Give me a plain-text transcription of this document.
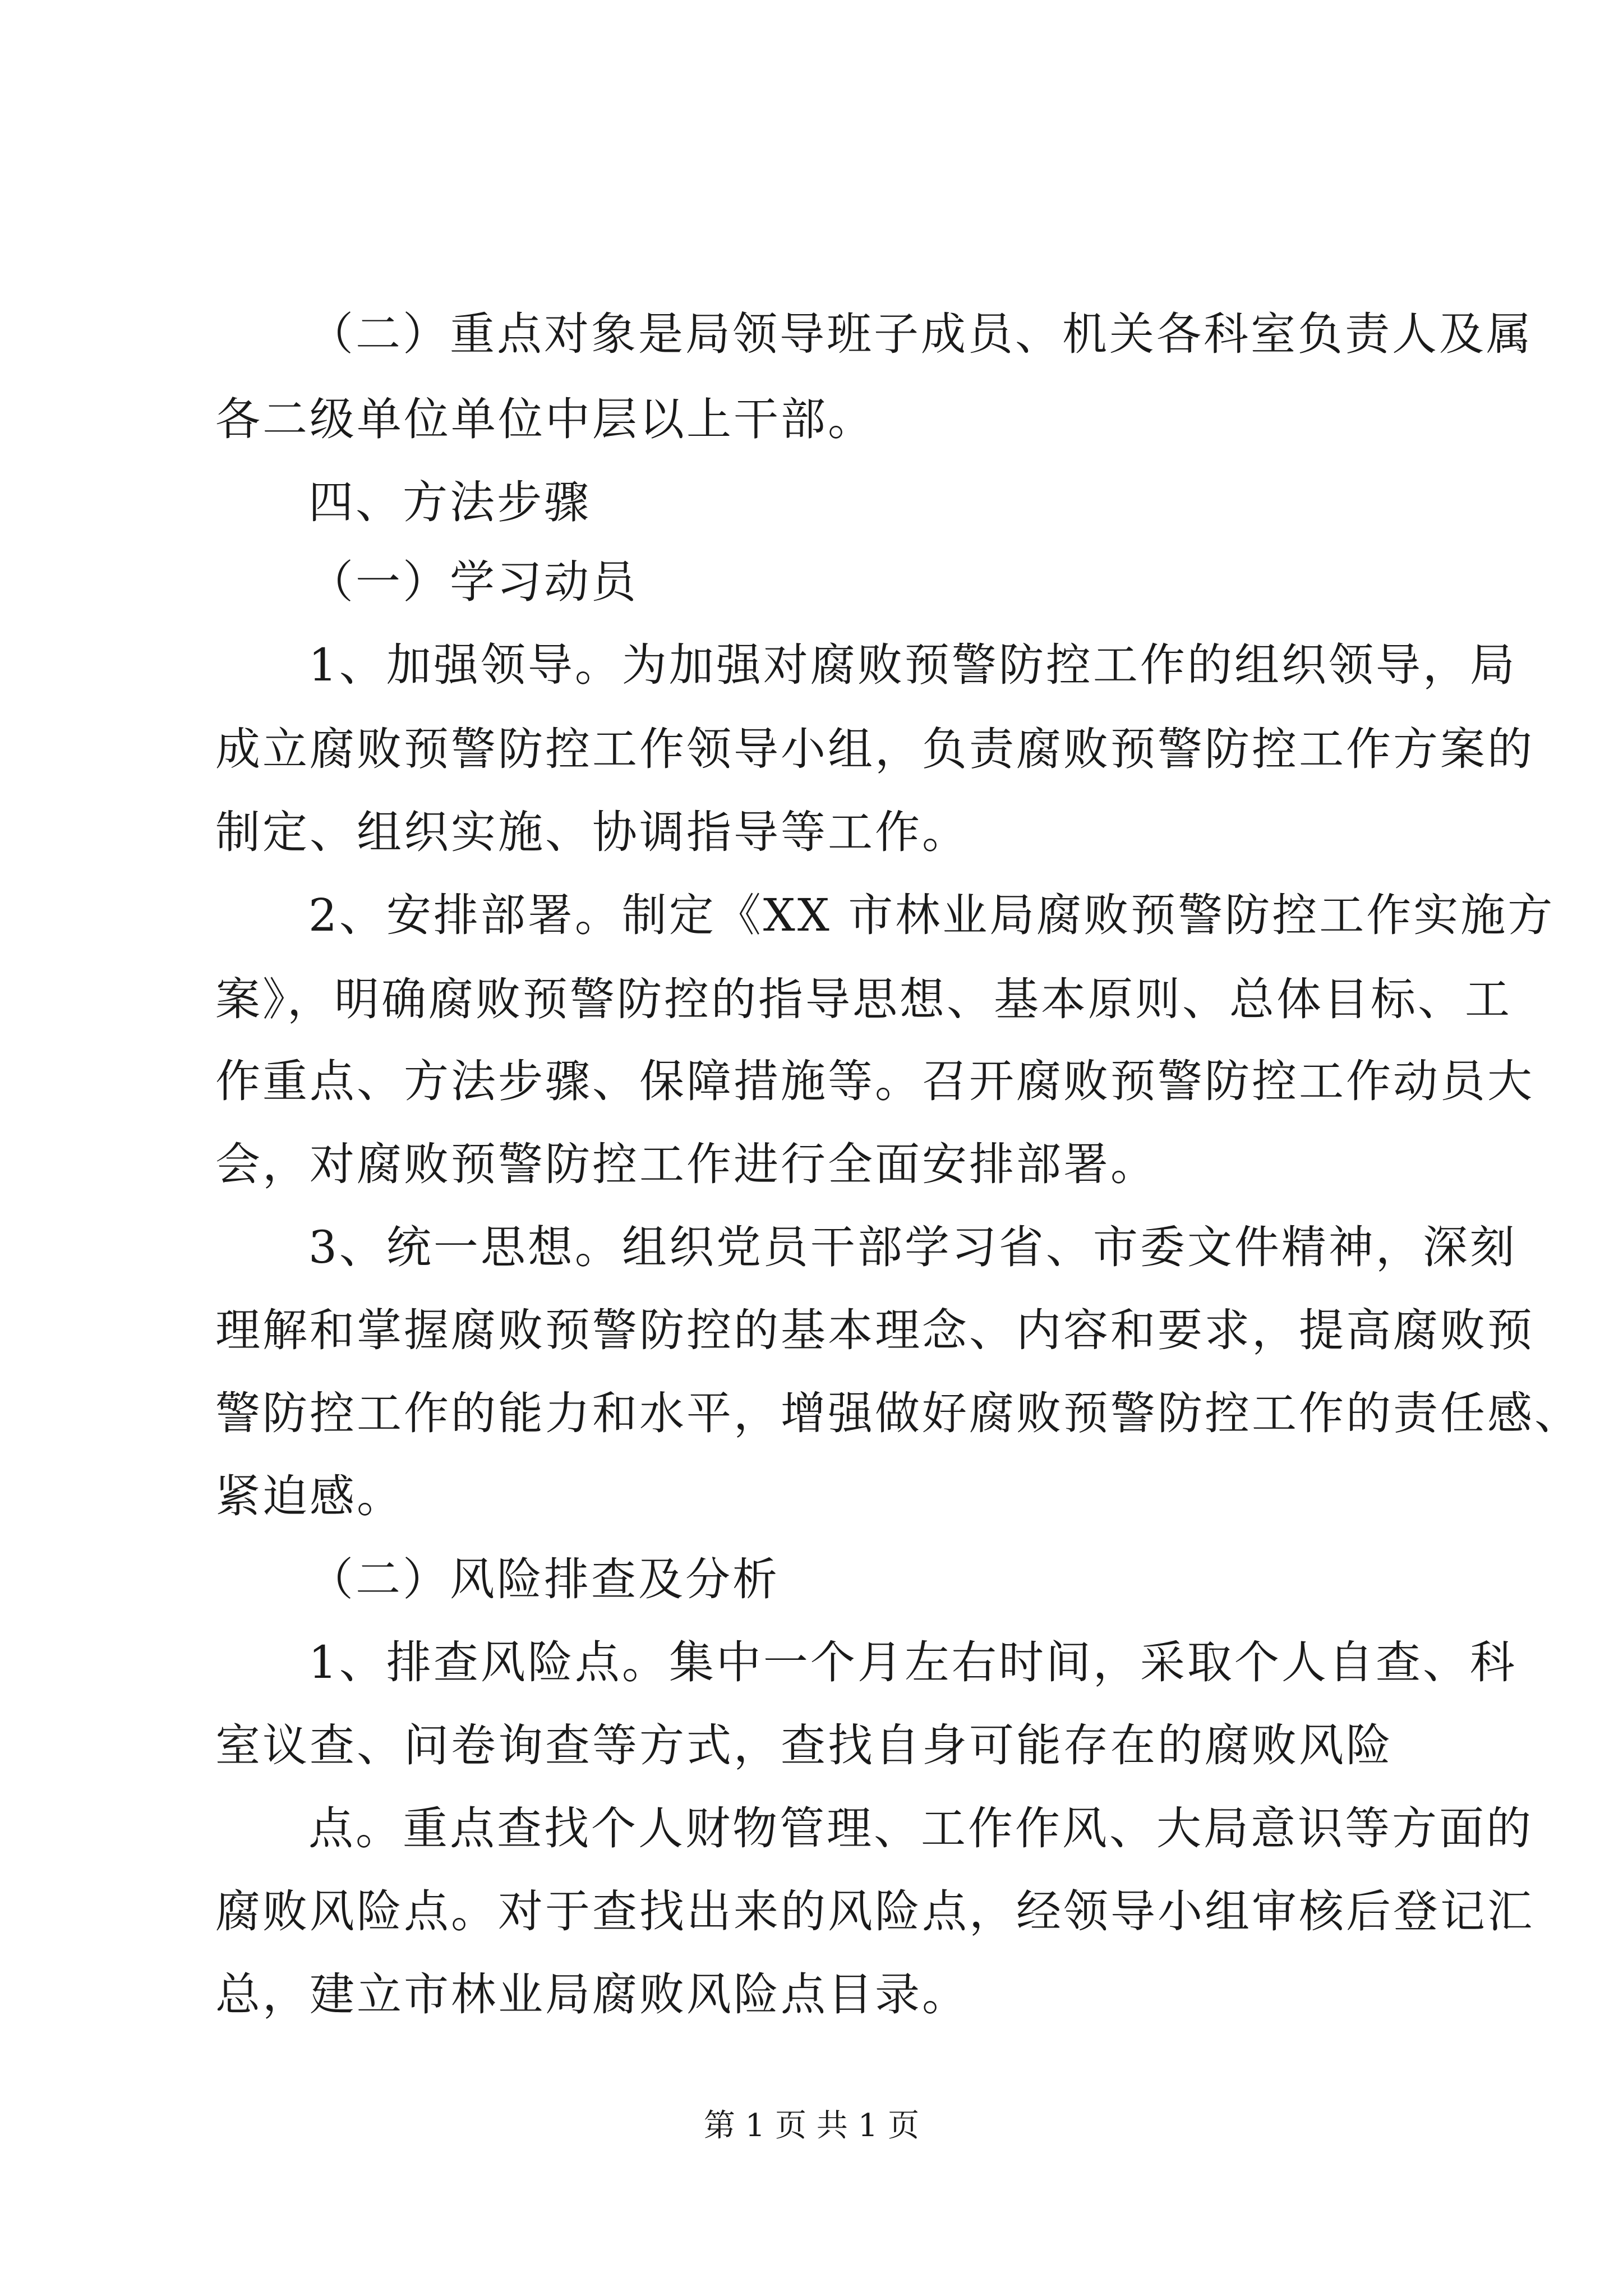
（二）重点对象是局领导班子成员、机关各科室负责人及属
各二级单位单位中层以上干部。
四、方法步骤
（一）学习动员
1、加强领导。为加强对腐败预警防控工作的组织领导，局
成立腐败预警防控工作领导小组，负责腐败预警防控工作方案的
制定、组织实施、协调指导等工作。
2、安排部署。制定《XX 市林业局腐败预警防控工作实施方
案》，明确腐败预警防控的指导思想、基本原则、总体目标、工
作重点、方法步骤、保障措施等。召开腐败预警防控工作动员大
会，对腐败预警防控工作进行全面安排部署。
3、统一思想。组织党员干部学习省、市委文件精神，深刻
理解和掌握腐败预警防控的基本理念、内容和要求，提高腐败预
警防控工作的能力和水平，增强做好腐败预警防控工作的责任感、
紧迫感。
（二）风险排查及分析
1、排查风险点。集中一个月左右时间，采取个人自查、科
室议查、问卷询查等方式，查找自身可能存在的腐败风险
点。重点查找个人财物管理、工作作风、大局意识等方面的
腐败风险点。对于查找出来的风险点，经领导小组审核后登记汇
总，建立市林业局腐败风险点目录。
第 1 页 共 1 页
